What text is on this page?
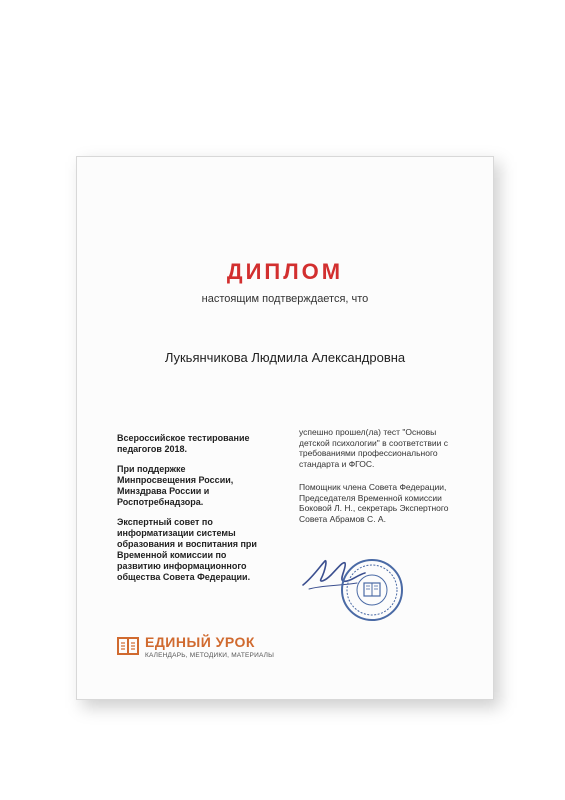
ДИПЛОМ
настоящим подтверждается, что
Лукьянчикова Людмила Александровна

Всероссийское тестирование педагогов 2018.

При поддержке Минпросвещения России, Минздрава России и Роспотребнадзора.

Экспертный совет по информатизации системы образования и воспитания при Временной комиссии по развитию информационного общества Совета Федерации.

успешно прошел(ла) тест "Основы детской психологии" в соответствии с требованиями профессионального стандарта и ФГОС.

Помощник члена Совета Федерации, Председателя Временной комиссии Боковой Л. Н., секретарь Экспертного Совета Абрамов С. А.

ЕДИНЫЙ УРОК
КАЛЕНДАРЬ, МЕТОДИКИ, МАТЕРИАЛЫ
